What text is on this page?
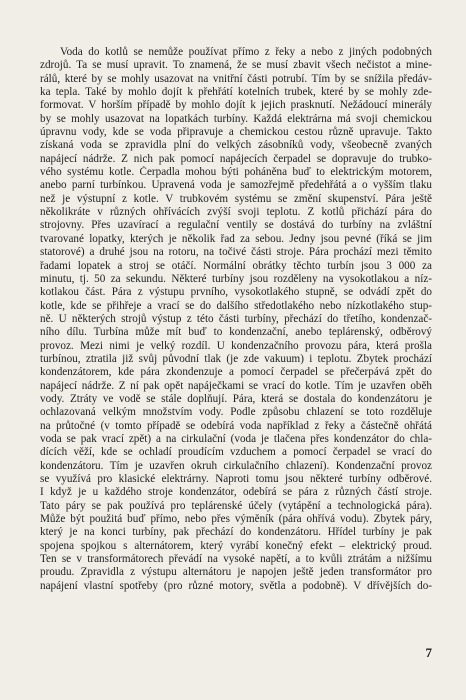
Voda do kotlů se nemůže používat přímo z řeky a nebo z jiných podobných
zdrojů. Ta se musí upravit. To znamená, že se musí zbavit všech nečistot a mine-
rálů, které by se mohly usazovat na vnitřní části potrubí. Tím by se snížila předáv-
ka tepla. Také by mohlo dojít k přehřátí kotelních trubek, které by se mohly zde-
formovat. V horším případě by mohlo dojít k jejich prasknutí. Nežádoucí minerály
by se mohly usazovat na lopatkách turbíny. Každá elektrárna má svoji chemickou
úpravnu vody, kde se voda připravuje a chemickou cestou různě upravuje. Takto
získaná voda se zpravidla plní do velkých zásobníků vody, všeobecně zvaných
napájecí nádrže. Z nich pak pomocí napájecích čerpadel se dopravuje do trubko-
vého systému kotle. Čerpadla mohou býti poháněna buď to elektrickým motorem,
anebo parní turbínkou. Upravená voda je samozřejmě předehřátá a o vyšším tlaku
než je výstupní z kotle. V trubkovém systému se změní skupenství. Pára ještě
několikráte v různých ohřívácích zvýší svoji teplotu. Z kotlů přichází pára do
strojovny. Přes uzavírací a regulační ventily se dostává do turbíny na zvláštní
tvarované lopatky, kterých je několik řad za sebou. Jedny jsou pevné (říká se jim
statorové) a druhé jsou na rotoru, na točivé části stroje. Pára prochází mezi těmito
řadami lopatek a stroj se otáčí. Normální obrátky těchto turbín jsou 3 000 za
minutu, tj. 50 za sekundu. Některé turbíny jsou rozděleny na vysokotlakou a níz-
kotlakou část. Pára z výstupu prvního, vysokotlakého stupně, se odvádí zpět do
kotle, kde se přihřeje a vrací se do dalšího středotlakého nebo nízkotlakého stup-
ně. U některých strojů výstup z této části turbíny, přechází do třetího, kondenzač-
ního dílu. Turbína může mít buď to kondenzační, anebo teplárenský, odběrový
provoz. Mezi nimi je velký rozdíl. U kondenzačního provozu pára, která prošla
turbínou, ztratila již svůj původní tlak (je zde vakuum) i teplotu. Zbytek prochází
kondenzátorem, kde pára zkondenzuje a pomocí čerpadel se přečerpává zpět do
napájecí nádrže. Z ní pak opět napáječkami se vrací do kotle. Tím je uzavřen oběh
vody. Ztráty ve vodě se stále doplňují. Pára, která se dostala do kondenzátoru je
ochlazovaná velkým množstvím vody. Podle způsobu chlazení se toto rozděluje
na průtočné (v tomto případě se odebírá voda například z řeky a částečně ohřátá
voda se pak vrací zpět) a na cirkulační (voda je tlačena přes kondenzátor do chla-
dících věží, kde se ochladí proudícím vzduchem a pomocí čerpadel se vrací do
kondenzátoru. Tím je uzavřen okruh cirkulačního chlazení). Kondenzační provoz
se využívá pro klasické elektrárny. Naproti tomu jsou některé turbíny odběrové.
I když je u každého stroje kondenzátor, odebírá se pára z různých částí stroje.
Tato páry se pak používá pro teplárenské účely (vytápění a technologická pára).
Může být použitá buď přímo, nebo přes výměník (pára ohřívá vodu). Zbytek páry,
který je na konci turbíny, pak přechází do kondenzátoru. Hřídel turbíny je pak
spojena spojkou s alternátorem, který vyrábí konečný efekt – elektrický proud.
Ten se v transformátorech převádí na vysoké napětí, a to kvůli ztrátám a nižšímu
proudu. Zpravidla z výstupu alternátoru je napojen ještě jeden transformátor pro
napájení vlastní spotřeby (pro různé motory, světla a podobně). V dřívějších do-
7
